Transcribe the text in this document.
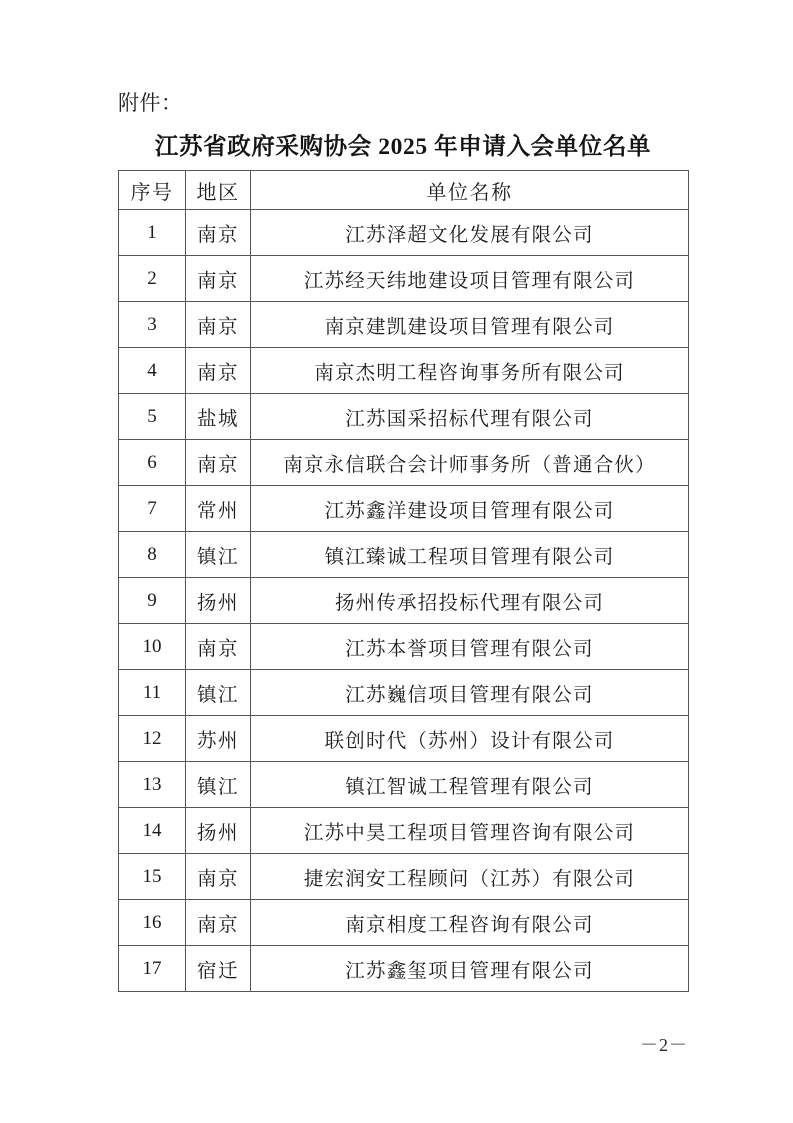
附件：
江苏省政府采购协会 2025 年申请入会单位名单
序号	地区	单位名称
1	南京	江苏泽超文化发展有限公司
2	南京	江苏经天纬地建设项目管理有限公司
3	南京	南京建凯建设项目管理有限公司
4	南京	南京杰明工程咨询事务所有限公司
5	盐城	江苏国采招标代理有限公司
6	南京	南京永信联合会计师事务所（普通合伙）
7	常州	江苏鑫洋建设项目管理有限公司
8	镇江	镇江臻诚工程项目管理有限公司
9	扬州	扬州传承招投标代理有限公司
10	南京	江苏本誉项目管理有限公司
11	镇江	江苏巍信项目管理有限公司
12	苏州	联创时代（苏州）设计有限公司
13	镇江	镇江智诚工程管理有限公司
14	扬州	江苏中昊工程项目管理咨询有限公司
15	南京	捷宏润安工程顾问（江苏）有限公司
16	南京	南京相度工程咨询有限公司
17	宿迁	江苏鑫玺项目管理有限公司
－2－
